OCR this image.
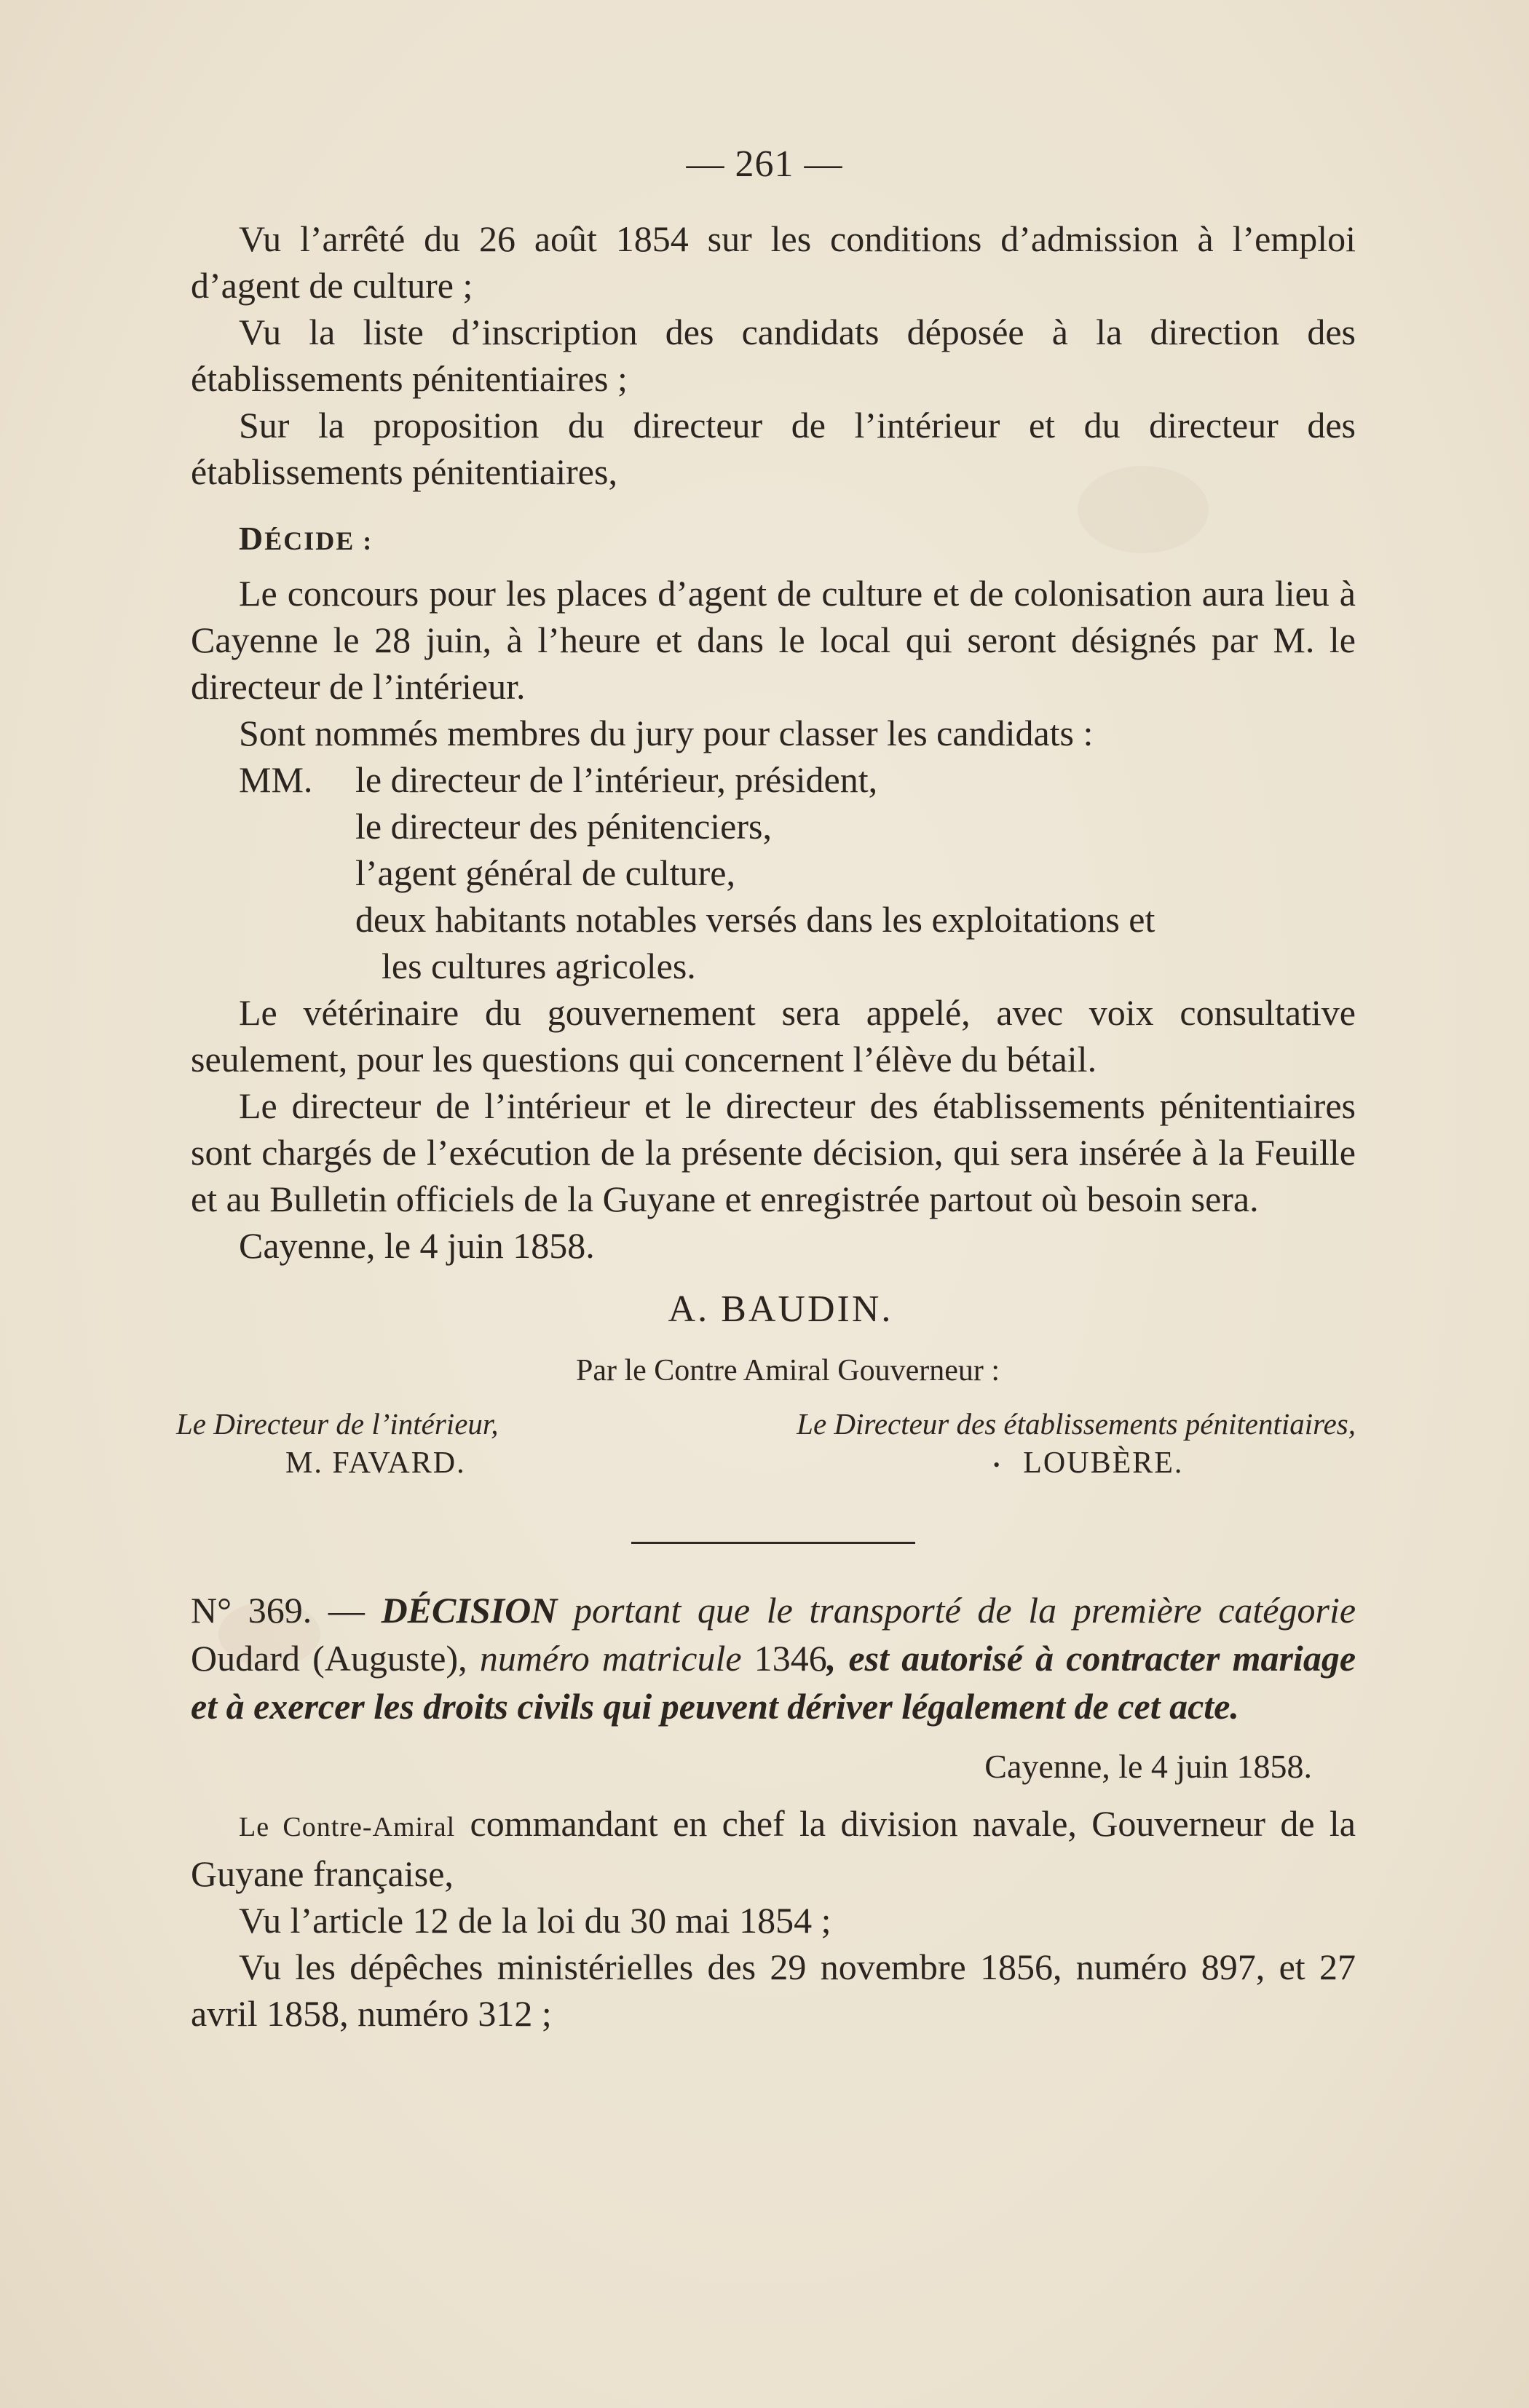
— 261 —

Vu l’arrêté du 26 août 1854 sur les conditions d’admission à l’emploi d’agent de culture ;

Vu la liste d’inscription des candidats déposée à la direction des établissements pénitentiaires ;

Sur la proposition du directeur de l’intérieur et du directeur des établissements pénitentiaires,

DÉCIDE :

Le concours pour les places d’agent de culture et de colonisation aura lieu à Cayenne le 28 juin, à l’heure et dans le local qui seront désignés par M. le directeur de l’intérieur.

Sont nommés membres du jury pour classer les candidats :

MM.	le directeur de l’intérieur, président,
le directeur des pénitenciers,
l’agent général de culture,
deux habitants notables versés dans les exploitations et
les cultures agricoles.

Le vétérinaire du gouvernement sera appelé, avec voix consultative seulement, pour les questions qui concernent l’élève du bétail.

Le directeur de l’intérieur et le directeur des établissements pénitentiaires sont chargés de l’exécution de la présente décision, qui sera insérée à la Feuille et au Bulletin officiels de la Guyane et enregistrée partout où besoin sera.

Cayenne, le 4 juin 1858.

A. BAUDIN.
Par le Contre Amiral Gouverneur :
Le Directeur de l’intérieur,
M. FAVARD.
Le Directeur des établissements pénitentiaires,
• LOUBÈRE.

N° 369. — DÉCISION portant que le transporté de la première catégorie Oudard (Auguste), numéro matricule 1346, est autorisé à contracter mariage et à exercer les droits civils qui peuvent dériver légalement de cet acte.

Cayenne, le 4 juin 1858.

Le Contre-Amiral commandant en chef la division navale, Gouverneur de la Guyane française,

Vu l’article 12 de la loi du 30 mai 1854 ;

Vu les dépêches ministérielles des 29 novembre 1856, numéro 897, et 27 avril 1858, numéro 312 ;
